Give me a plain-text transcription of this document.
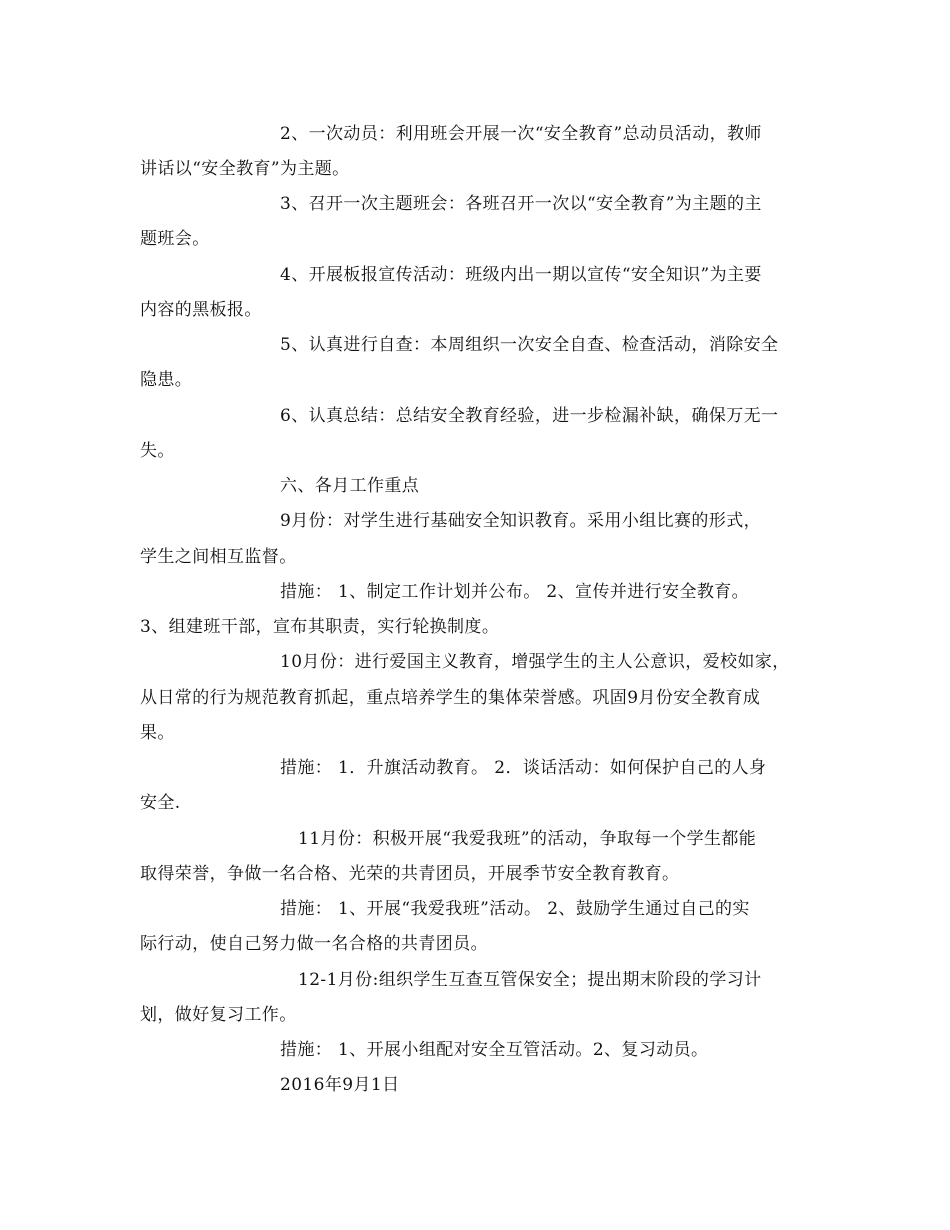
2、一次动员：利用班会开展一次“安全教育”总动员活动，教师
讲话以“安全教育”为主题。
3、召开一次主题班会：各班召开一次以“安全教育”为主题的主
题班会。
4、开展板报宣传活动：班级内出一期以宣传“安全知识”为主要
内容的黑板报。
5、认真进行自查：本周组织一次安全自查、检查活动，消除安全
隐患。
6、认真总结：总结安全教育经验，进一步检漏补缺，确保万无一
失。
六、各月工作重点
9月份：对学生进行基础安全知识教育。采用小组比赛的形式，
学生之间相互监督。
措施： 1、制定工作计划并公布。 2、宣传并进行安全教育。
3、组建班干部，宣布其职责，实行轮换制度。
10月份：进行爱国主义教育，增强学生的主人公意识，爱校如家，
从日常的行为规范教育抓起，重点培养学生的集体荣誉感。巩固9月份安全教育成
果。
措施： 1．升旗活动教育。 2．谈话活动：如何保护自己的人身
安全.
11月份：积极开展“我爱我班”的活动，争取每一个学生都能
取得荣誉，争做一名合格、光荣的共青团员，开展季节安全教育教育。
措施： 1、开展“我爱我班”活动。 2、鼓励学生通过自己的实
际行动，使自己努力做一名合格的共青团员。
12-1月份:组织学生互查互管保安全；提出期末阶段的学习计
划，做好复习工作。
措施： 1、开展小组配对安全互管活动。2、复习动员。
2016年9月1日
